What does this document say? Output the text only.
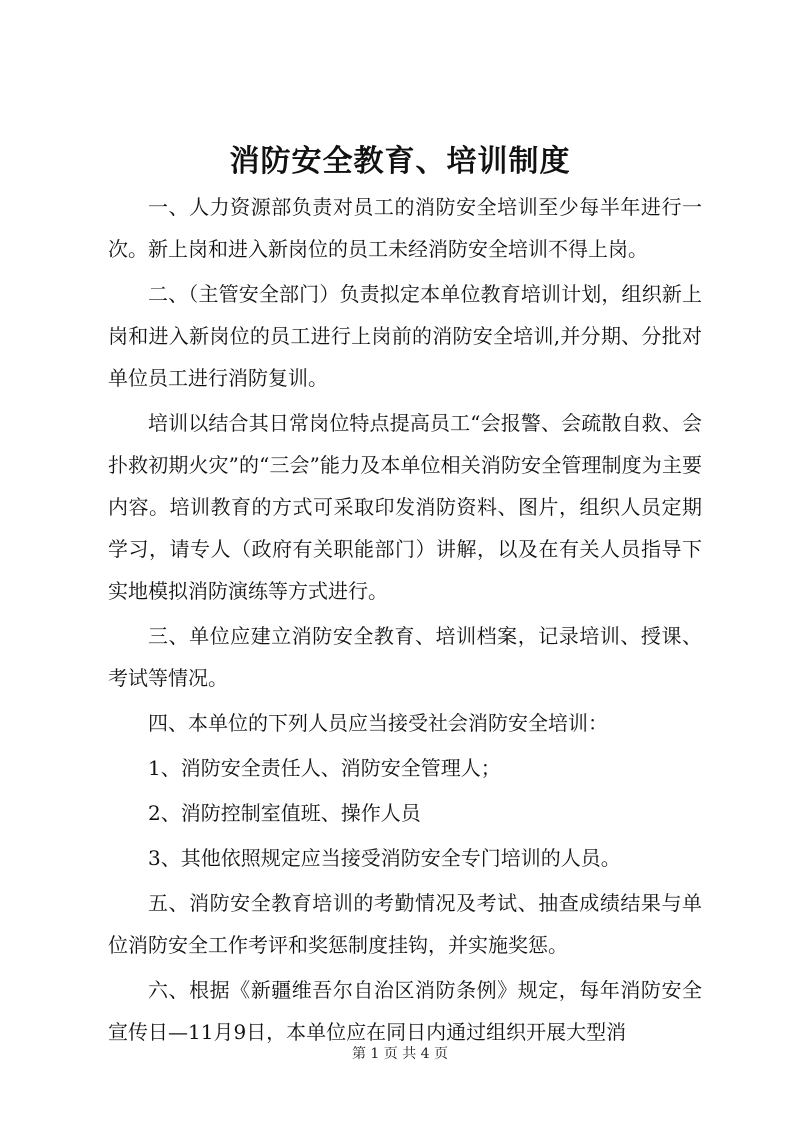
消防安全教育、培训制度

一、人力资源部负责对员工的消防安全培训至少每半年进行一次。新上岗和进入新岗位的员工未经消防安全培训不得上岗。

二、（主管安全部门）负责拟定本单位教育培训计划，组织新上岗和进入新岗位的员工进行上岗前的消防安全培训,并分期、分批对单位员工进行消防复训。

培训以结合其日常岗位特点提高员工“会报警、会疏散自救、会扑救初期火灾”的“三会”能力及本单位相关消防安全管理制度为主要内容。培训教育的方式可采取印发消防资料、图片，组织人员定期学习，请专人（政府有关职能部门）讲解，以及在有关人员指导下实地模拟消防演练等方式进行。

三、单位应建立消防安全教育、培训档案，记录培训、授课、考试等情况。

四、本单位的下列人员应当接受社会消防安全培训：

1、消防安全责任人、消防安全管理人；

2、消防控制室值班、操作人员

3、其他依照规定应当接受消防安全专门培训的人员。

五、消防安全教育培训的考勤情况及考试、抽查成绩结果与单位消防安全工作考评和奖惩制度挂钩，并实施奖惩。

六、根据《新疆维吾尔自治区消防条例》规定，每年消防安全宣传日—11月9日，本单位应在同日内通过组织开展大型消

第 1 页 共 4 页
